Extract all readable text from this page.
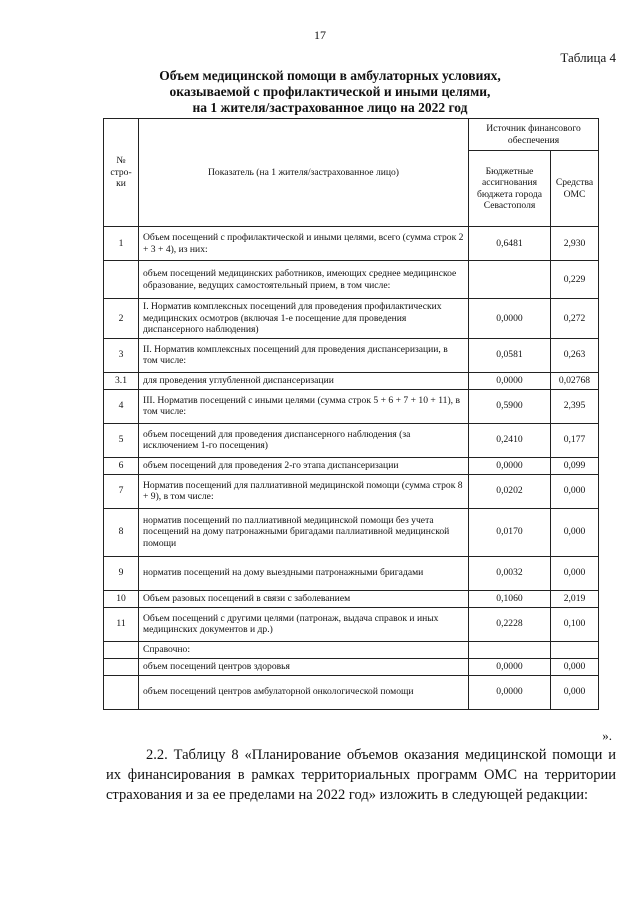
17
Таблица 4
Объем медицинской помощи в амбулаторных условиях,
оказываемой с профилактической и иными целями,
на 1 жителя/застрахованное лицо на 2022 год
№ стро-ки	Показатель (на 1 жителя/застрахованное лицо)	Источник финансового обеспечения	
		Бюджетные ассигнования бюджета города Севастополя	Средства ОМС
1	Объем посещений с профилактической и иными целями, всего (сумма строк 2 + 3 + 4), из них:	0,6481	2,930
	объем посещений медицинских работников, имеющих среднее медицинское образование, ведущих самостоятельный прием, в том числе:		0,229
2	I. Норматив комплексных посещений для проведения профилактических медицинских осмотров (включая 1-е посещение для проведения диспансерного наблюдения)	0,0000	0,272
3	II. Норматив комплексных посещений для проведения диспансеризации, в том числе:	0,0581	0,263
3.1	для проведения углубленной диспансеризации	0,0000	0,02768
4	III. Норматив посещений с иными целями (сумма строк 5 + 6 + 7 + 10 + 11), в том числе:	0,5900	2,395
5	объем посещений для проведения диспансерного наблюдения (за исключением 1-го посещения)	0,2410	0,177
6	объем посещений для проведения 2-го этапа диспансеризации	0,0000	0,099
7	Норматив посещений для паллиативной медицинской помощи (сумма строк 8 + 9), в том числе:	0,0202	0,000
8	норматив посещений по паллиативной медицинской помощи без учета посещений на дому патронажными бригадами паллиативной медицинской помощи	0,0170	0,000
9	норматив посещений на дому выездными патронажными бригадами	0,0032	0,000
10	Объем разовых посещений в связи с заболеванием	0,1060	2,019
11	Объем посещений с другими целями (патронаж, выдача справок и иных медицинских документов и др.)	0,2228	0,100
	Справочно:		
	объем посещений центров здоровья	0,0000	0,000
	объем посещений центров амбулаторной онкологической помощи	0,0000	0,000
».
2.2. Таблицу 8 «Планирование объемов оказания медицинской помощи и их финансирования в рамках территориальных программ ОМС на территории страхования и за ее пределами на 2022 год» изложить в следующей редакции:
